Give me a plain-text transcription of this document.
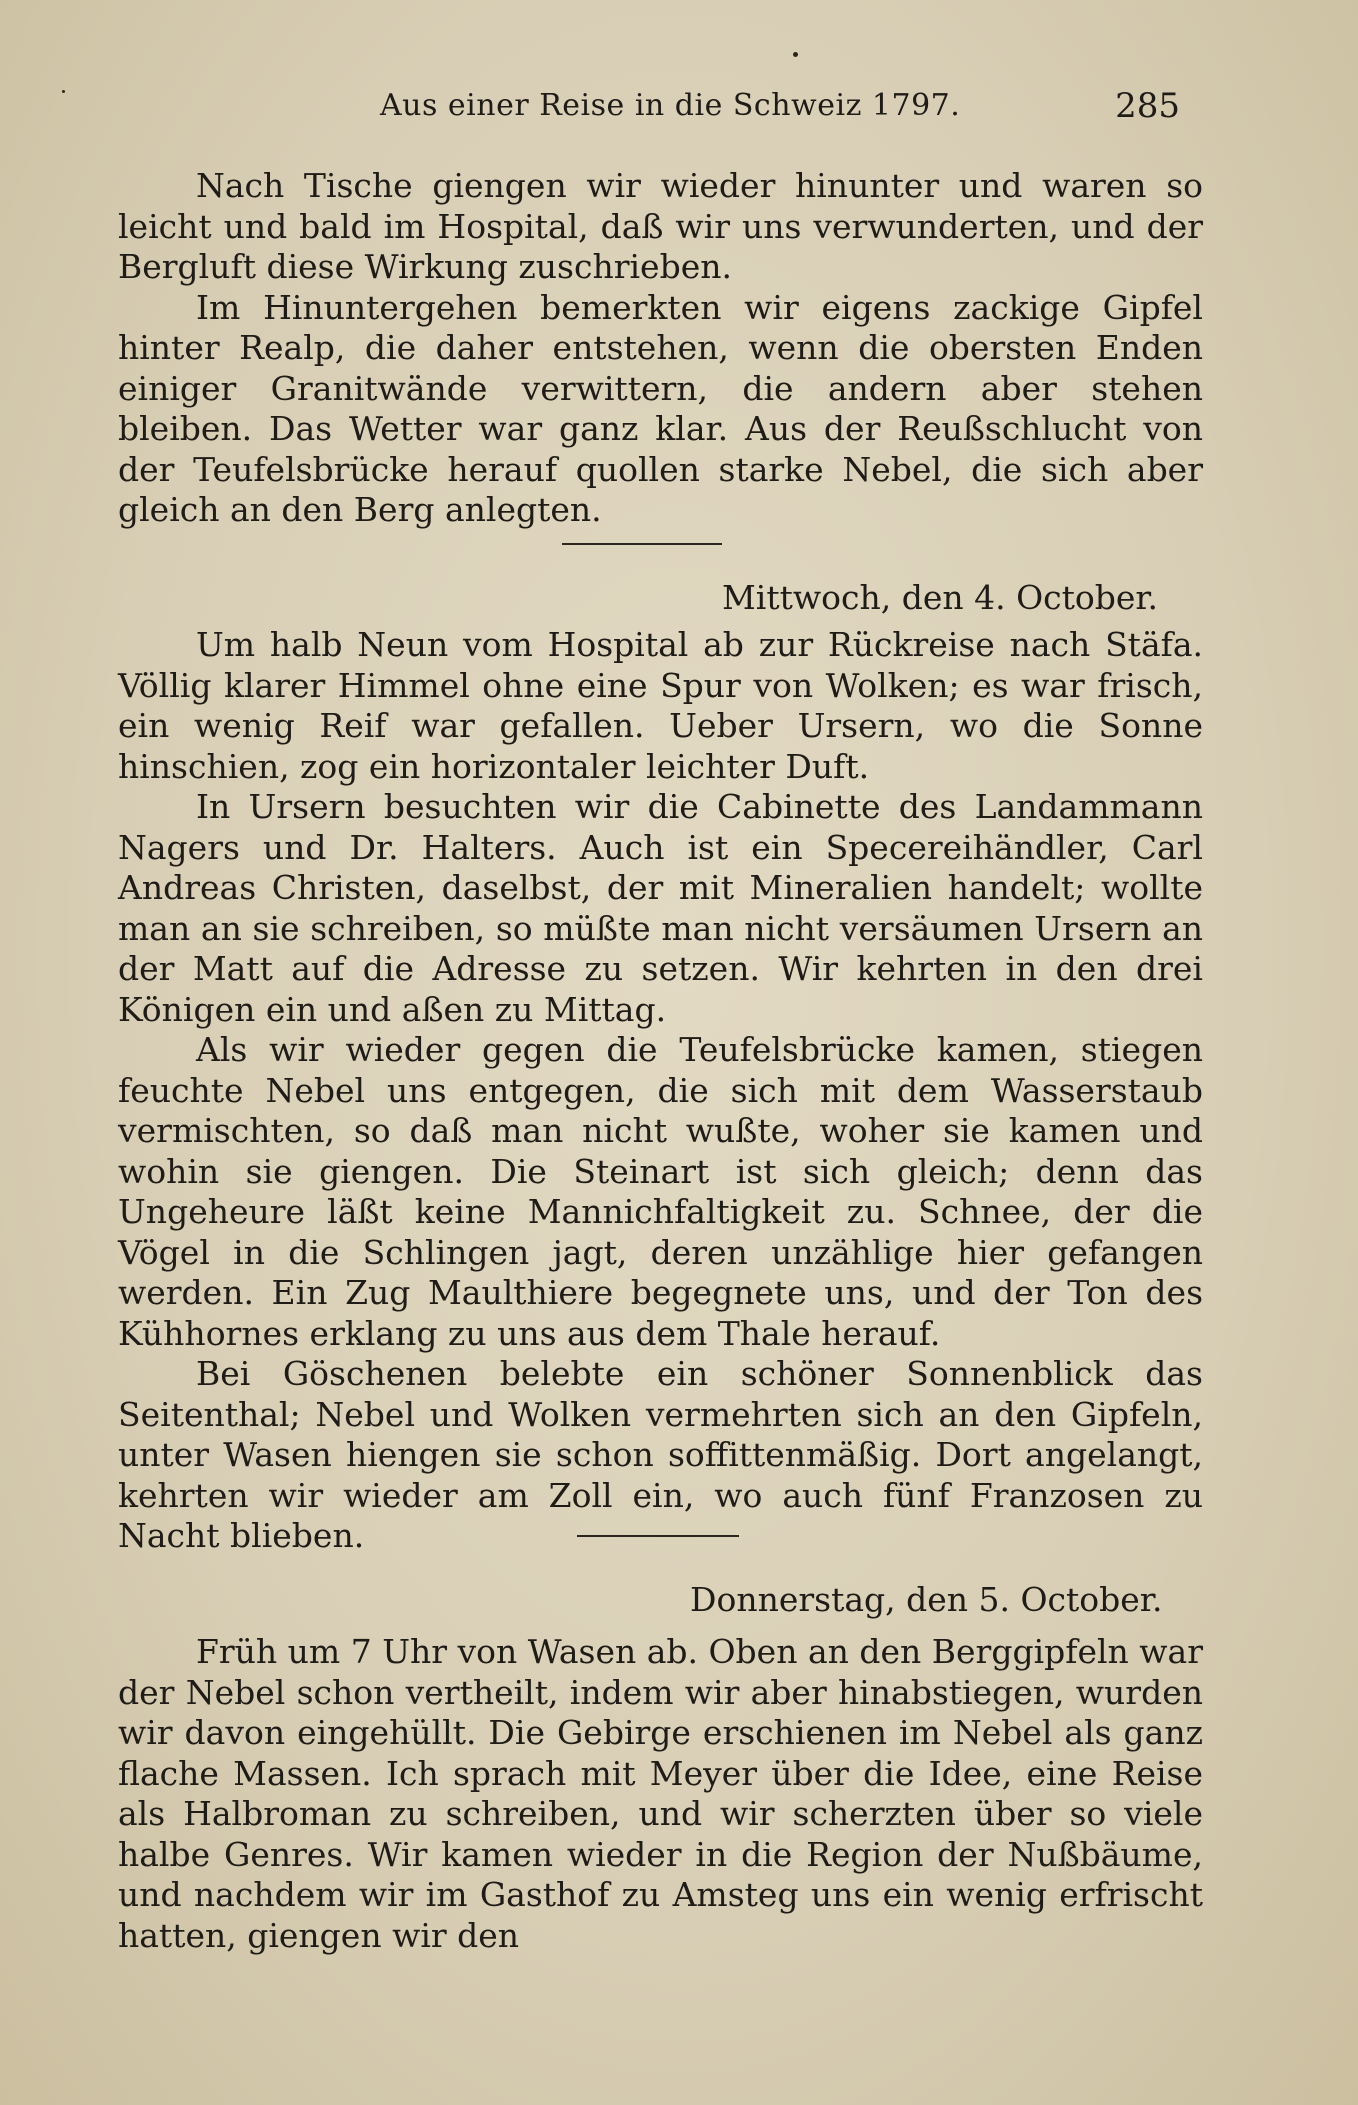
Aus einer Reise in die Schweiz 1797.	285

Nach Tische giengen wir wieder hinunter und waren so leicht und bald im Hospital, daß wir uns verwunderten, und der Bergluft diese Wirkung zuschrieben.

Im Hinuntergehen bemerkten wir eigens zackige Gipfel hinter Realp, die daher entstehen, wenn die obersten Enden einiger Granitwände verwittern, die andern aber stehen bleiben. Das Wetter war ganz klar. Aus der Reußschlucht von der Teufelsbrücke herauf quollen starke Nebel, die sich aber gleich an den Berg anlegten.

Mittwoch, den 4. October.

Um halb Neun vom Hospital ab zur Rückreise nach Stäfa. Völlig klarer Himmel ohne eine Spur von Wolken; es war frisch, ein wenig Reif war gefallen. Ueber Ursern, wo die Sonne hinschien, zog ein horizontaler leichter Duft.

In Ursern besuchten wir die Cabinette des Landammann Nagers und Dr. Halters. Auch ist ein Specereihändler, Carl Andreas Christen, daselbst, der mit Mineralien handelt; wollte man an sie schreiben, so müßte man nicht versäumen Ursern an der Matt auf die Adresse zu setzen. Wir kehrten in den drei Königen ein und aßen zu Mittag.

Als wir wieder gegen die Teufelsbrücke kamen, stiegen feuchte Nebel uns entgegen, die sich mit dem Wasserstaub vermischten, so daß man nicht wußte, woher sie kamen und wohin sie giengen. Die Steinart ist sich gleich; denn das Ungeheure läßt keine Mannichfaltigkeit zu. Schnee, der die Vögel in die Schlingen jagt, deren unzählige hier gefangen werden. Ein Zug Maulthiere begegnete uns, und der Ton des Kühhornes erklang zu uns aus dem Thale herauf.

Bei Göschenen belebte ein schöner Sonnenblick das Seitenthal; Nebel und Wolken vermehrten sich an den Gipfeln, unter Wasen hiengen sie schon soffittenmäßig. Dort angelangt, kehrten wir wieder am Zoll ein, wo auch fünf Franzosen zu Nacht blieben.

Donnerstag, den 5. October.

Früh um 7 Uhr von Wasen ab. Oben an den Berggipfeln war der Nebel schon vertheilt, indem wir aber hinabstiegen, wurden wir davon eingehüllt. Die Gebirge erschienen im Nebel als ganz flache Massen. Ich sprach mit Meyer über die Idee, eine Reise als Halbroman zu schreiben, und wir scherzten über so viele halbe Genres. Wir kamen wieder in die Region der Nußbäume, und nachdem wir im Gasthof zu Amsteg uns ein wenig erfrischt hatten, giengen wir den
